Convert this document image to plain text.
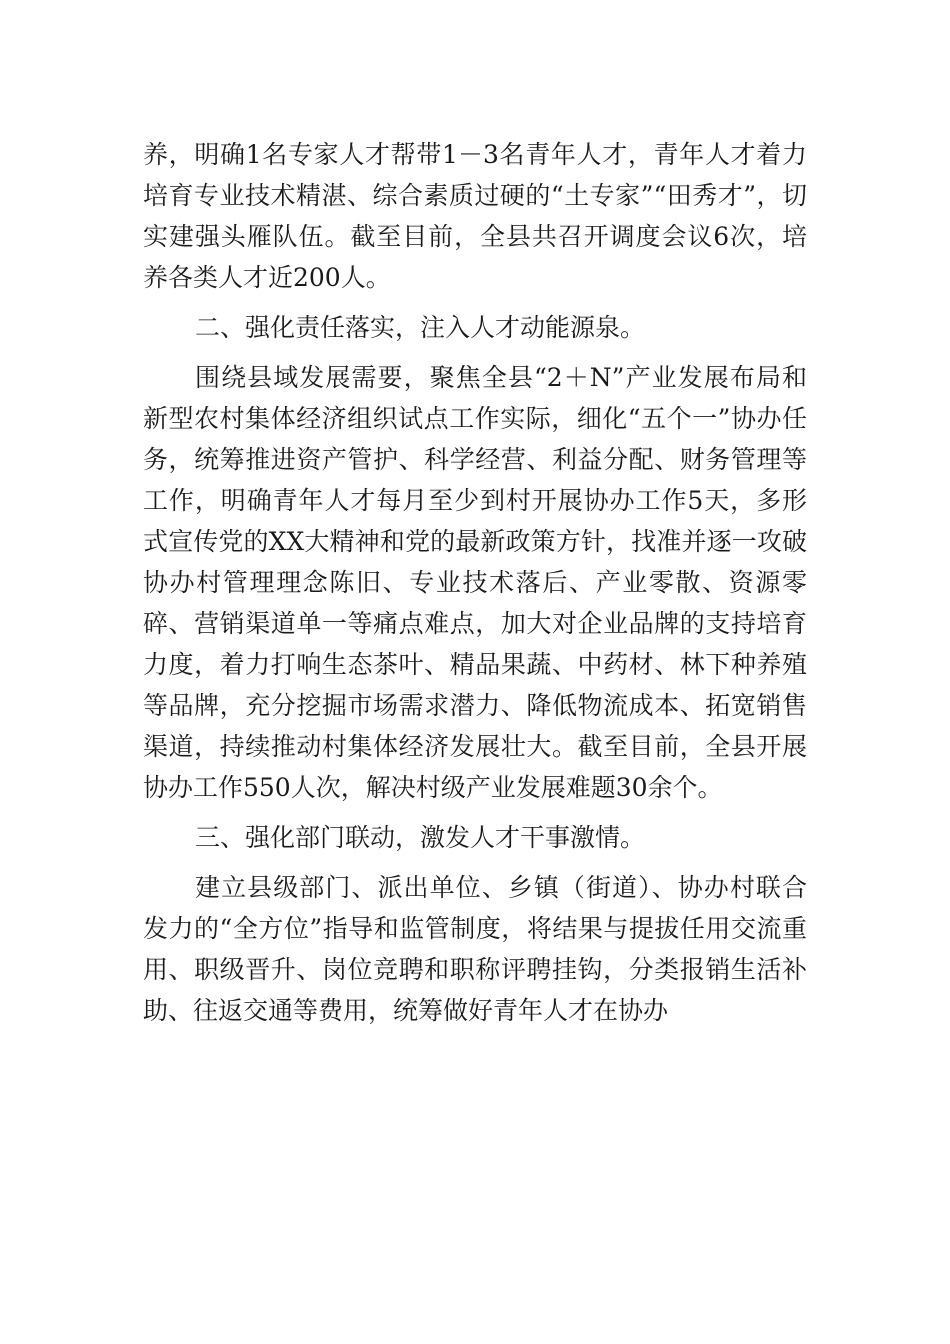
养，明确1名专家人才帮带1－3名青年人才，青年人才着力培育专业技术精湛、综合素质过硬的“土专家”“田秀才”，切实建强头雁队伍。截至目前，全县共召开调度会议6次，培养各类人才近200人。

二、强化责任落实，注入人才动能源泉。

围绕县域发展需要，聚焦全县“2＋N”产业发展布局和新型农村集体经济组织试点工作实际，细化“五个一”协办任务，统筹推进资产管护、科学经营、利益分配、财务管理等工作，明确青年人才每月至少到村开展协办工作5天，多形式宣传党的XX大精神和党的最新政策方针，找准并逐一攻破协办村管理理念陈旧、专业技术落后、产业零散、资源零碎、营销渠道单一等痛点难点，加大对企业品牌的支持培育力度，着力打响生态茶叶、精品果蔬、中药材、林下种养殖等品牌，充分挖掘市场需求潜力、降低物流成本、拓宽销售渠道，持续推动村集体经济发展壮大。截至目前，全县开展协办工作550人次，解决村级产业发展难题30余个。

三、强化部门联动，激发人才干事激情。

建立县级部门、派出单位、乡镇（街道）、协办村联合发力的“全方位”指导和监管制度，将结果与提拔任用交流重用、职级晋升、岗位竞聘和职称评聘挂钩，分类报销生活补助、往返交通等费用，统筹做好青年人才在协办
